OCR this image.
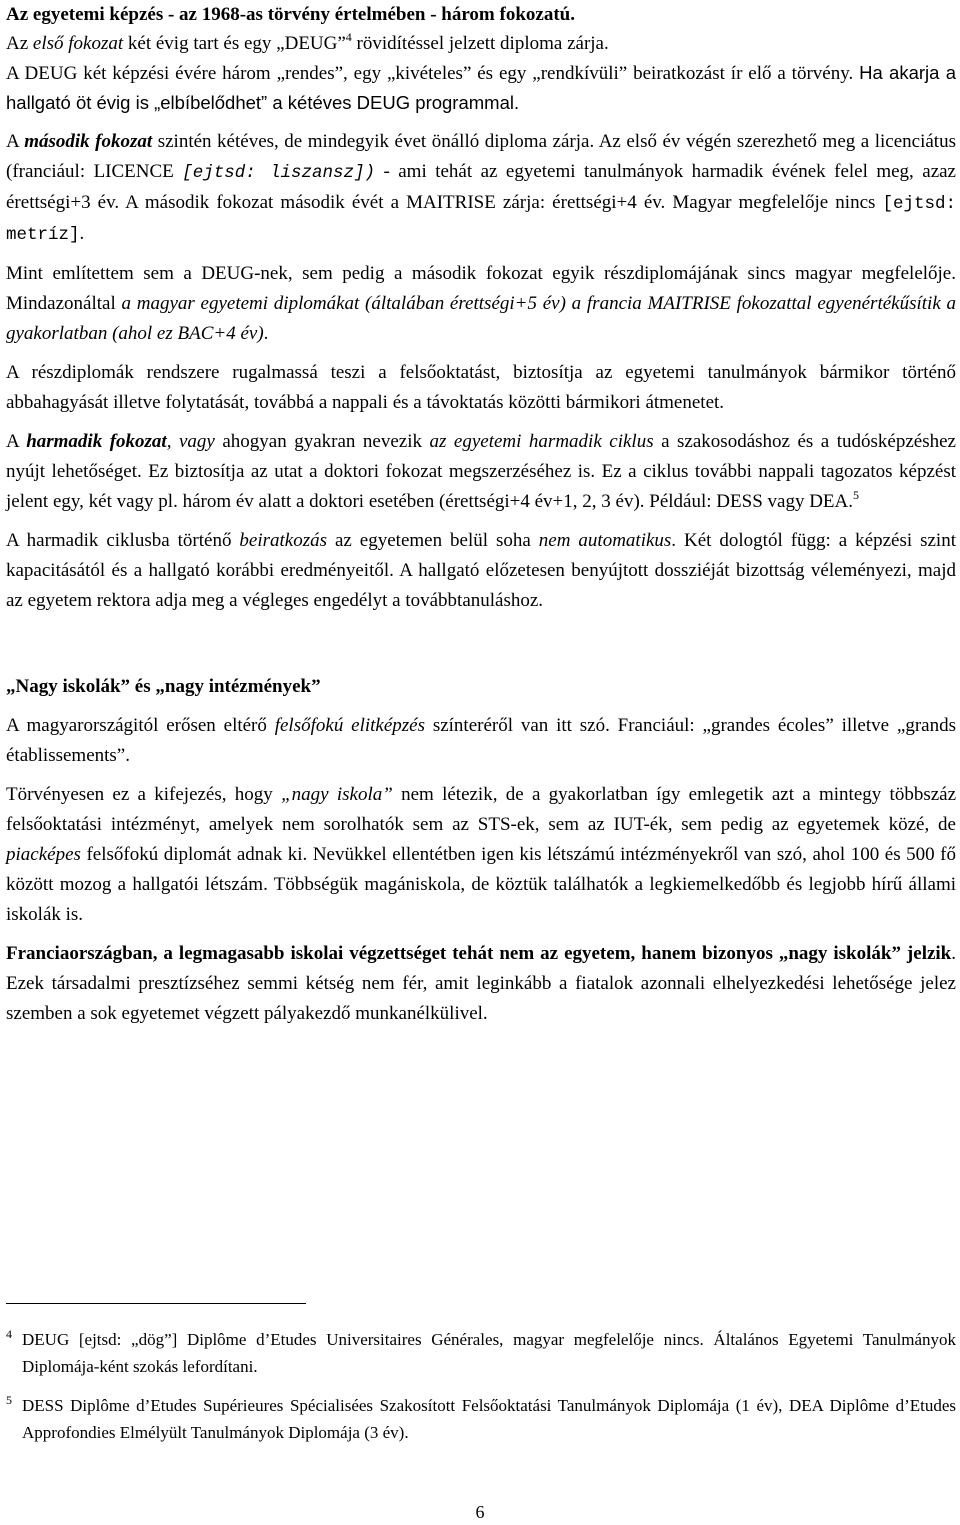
Az egyetemi képzés - az 1968-as törvény értelmében - három fokozatú.
Az első fokozat két évig tart és egy „DEUG”$^4$ rövidítéssel jelzett diploma zárja.
A DEUG két képzési évére három „rendes”, egy „kivételes” és egy „rendkívüli” beiratkozást ír elő a törvény. Ha akarja a hallgató öt évig is „elbíbelődhet” a kétéves DEUG programmal.

A második fokozat szintén kétéves, de mindegyik évet önálló diploma zárja. Az első év végén szerezhető meg a licenciátus (franciául: LICENCE [ejtsd: liszansz]) - ami tehát az egyetemi tanulmányok harmadik évének felel meg, azaz érettségi+3 év. A második fokozat második évét a MAITRISE zárja: érettségi+4 év. Magyar megfelelője nincs [ejtsd: metríz].

Mint említettem sem a DEUG-nek, sem pedig a második fokozat egyik részdiplomájának sincs magyar megfelelője. Mindazonáltal a magyar egyetemi diplomákat (általában érettségi+5 év) a francia MAITRISE fokozattal egyenértékűsítik a gyakorlatban (ahol ez BAC+4 év).

A részdiplomák rendszere rugalmassá teszi a felsőoktatást, biztosítja az egyetemi tanulmányok bármikor történő abbahagyását illetve folytatását, továbbá a nappali és a távoktatás közötti bármikori átmenetet.

A harmadik fokozat, vagy ahogyan gyakran nevezik az egyetemi harmadik ciklus a szakosodáshoz és a tudósképzéshez nyújt lehetőséget. Ez biztosítja az utat a doktori fokozat megszerzéséhez is. Ez a ciklus további nappali tagozatos képzést jelent egy, két vagy pl. három év alatt a doktori esetében (érettségi+4 év+1, 2, 3 év). Például: DESS vagy DEA.$^5$

A harmadik ciklusba történő beiratkozás az egyetemen belül soha nem automatikus. Két dologtól függ: a képzési szint kapacitásától és a hallgató korábbi eredményeitől. A hallgató előzetesen benyújtott dossziéját bizottság véleményezi, majd az egyetem rektora adja meg a végleges engedélyt a továbbtanuláshoz.

„Nagy iskolák” és „nagy intézmények”

A magyarországitól erősen eltérő felsőfokú elitképzés színteréről van itt szó. Franciául: „grandes écoles” illetve „grands établissements”.

Törvényesen ez a kifejezés, hogy „nagy iskola” nem létezik, de a gyakorlatban így emlegetik azt a mintegy többszáz felsőoktatási intézményt, amelyek nem sorolhatók sem az STS-ek, sem az IUT-ék, sem pedig az egyetemek közé, de piacképes felsőfokú diplomát adnak ki. Nevükkel ellentétben igen kis létszámú intézményekről van szó, ahol 100 és 500 fő között mozog a hallgatói létszám. Többségük magániskola, de köztük találhatók a legkiemelkedőbb és legjobb hírű állami iskolák is.

Franciaországban, a legmagasabb iskolai végzettséget tehát nem az egyetem, hanem bizonyos „nagy iskolák” jelzik. Ezek társadalmi presztízséhez semmi kétség nem fér, amit leginkább a fiatalok azonnali elhelyezkedési lehetősége jelez szemben a sok egyetemet végzett pályakezdő munkanélkülivel.

4 DEUG [ejtsd: „dög”] Diplôme d’Etudes Universitaires Générales, magyar megfelelője nincs. Általános Egyetemi Tanulmányok Diplomája-ként szokás lefordítani.
5 DESS Diplôme d’Etudes Supérieures Spécialisées Szakosított Felsőoktatási Tanulmányok Diplomája (1 év), DEA Diplôme d’Etudes Approfondies Elmélyült Tanulmányok Diplomája (3 év).
6
